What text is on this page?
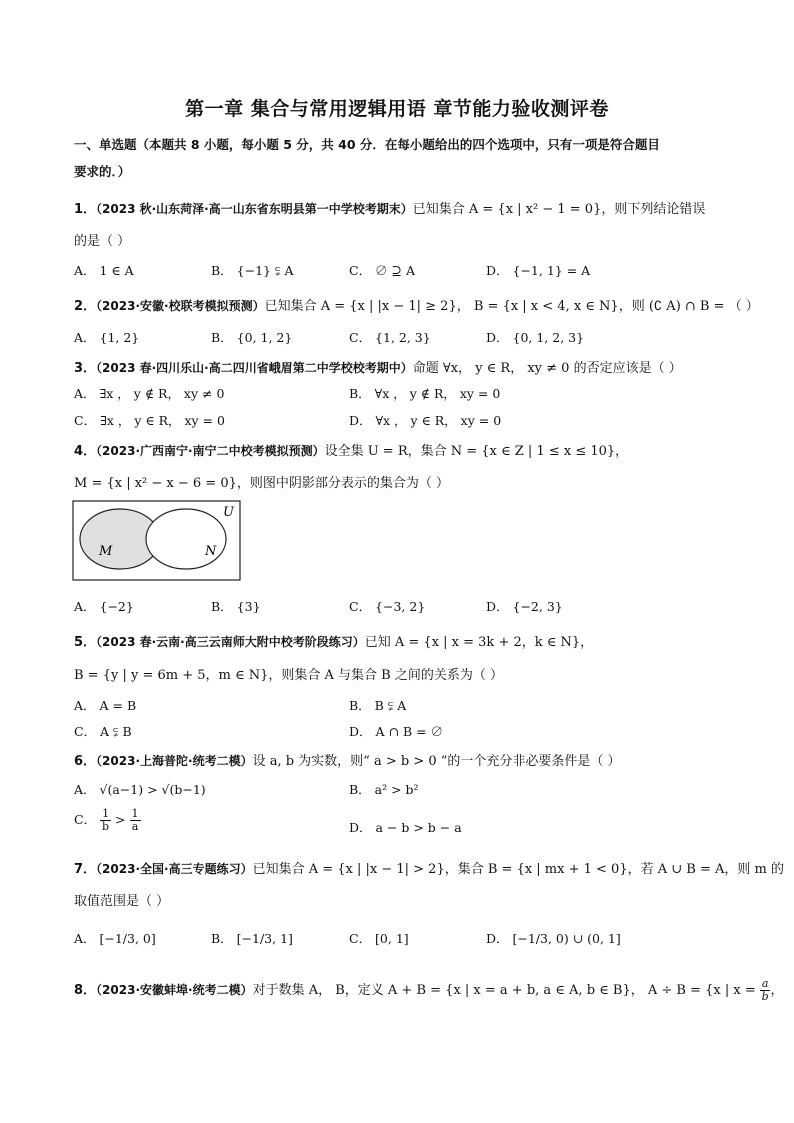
第一章 集合与常用逻辑用语 章节能力验收测评卷
一、单选题（本题共 8 小题，每小题 5 分，共 40 分．在每小题给出的四个选项中，只有一项是符合题目
要求的．）
1．（2023 秋·山东菏泽·高一山东省东明县第一中学校考期末）已知集合 A = {x | x² − 1 = 0}，则下列结论错误
的是（ ）
A． 1 ∈ A	B． {−1} ⫋ A	C． ∅ ⊇ A	D． {−1, 1} = A
2．（2023·安徽·校联考模拟预测）已知集合 A = {x | |x − 1| ≥ 2}， B = {x | x < 4, x ∈ N}，则 (∁ A) ∩ B = （ ）
A． {1, 2}	B． {0, 1, 2}	C． {1, 2, 3}	D． {0, 1, 2, 3}
3．（2023 春·四川乐山·高二四川省峨眉第二中学校校考期中）命题 ∀x， y ∈ R， xy ≠ 0 的否定应该是（ ）
A． ∃x ， y ∉ R， xy ≠ 0	B． ∀x ， y ∉ R， xy = 0
C． ∃x ， y ∈ R， xy = 0	D． ∀x ， y ∈ R， xy = 0
4．（2023·广西南宁·南宁二中校考模拟预测）设全集 U = R，集合 N = {x ∈ Z | 1 ≤ x ≤ 10}，
M = {x | x² − x − 6 = 0}，则图中阴影部分表示的集合为（ ）
U
M	N
A． {−2}	B． {3}	C． {−3, 2}	D． {−2, 3}
5．（2023 春·云南·高三云南师大附中校考阶段练习）已知 A = {x | x = 3k + 2，k ∈ N}，
B = {y | y = 6m + 5，m ∈ N}，则集合 A 与集合 B 之间的关系为（ ）
A． A = B	B． B ⫋ A
C． A ⫋ B	D． A ∩ B = ∅
6．（2023·上海普陀·统考二模）设 a, b 为实数，则“ a > b > 0 ”的一个充分非必要条件是（ ）
A． √(a−1) > √(b−1)	B． a² > b²
C． $\frac{1}{b} > \frac{1}{a}$	D． a − b > b − a
7．（2023·全国·高三专题练习）已知集合 A = {x | |x − 1| > 2}，集合 B = {x | mx + 1 < 0}，若 A ∪ B = A，则 m 的
取值范围是（ ）
A． [−1/3, 0]	B． [−1/3, 1]	C． [0, 1]	D． [−1/3, 0) ∪ (0, 1]
8．（2023·安徽蚌埠·统考二模）对于数集 A， B，定义 A + B = {x | x = a + b, a ∈ A, b ∈ B}， A ÷ B = {x | $x = \frac{a}{b}$ ，
